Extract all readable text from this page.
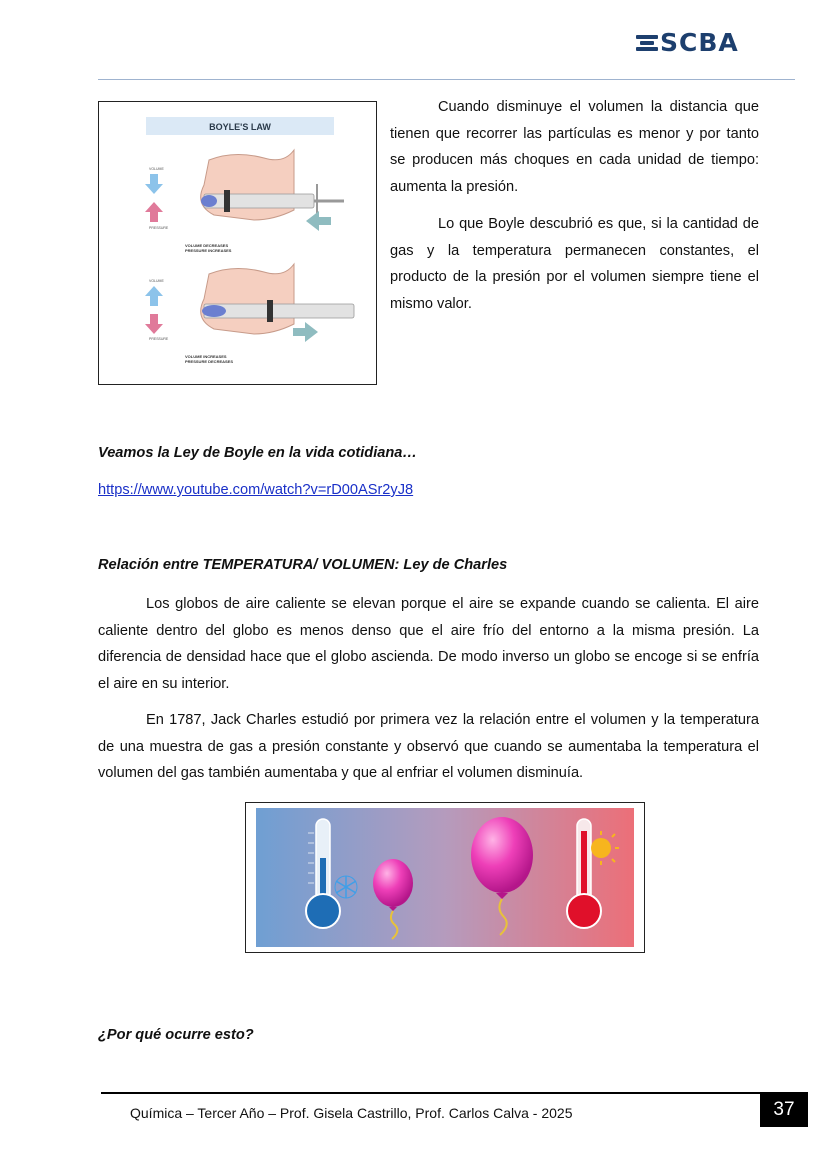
SCBA
BOYLE'S LAW
VOLUME
PRESSURE
VOLUME DECREASES
PRESSURE INCREASES
VOLUME
PRESSURE
VOLUME INCREASES
PRESSURE DECREASES

Cuando disminuye el volumen la distancia que tienen que recorrer las partículas es menor y por tanto se producen más choques en cada unidad de tiempo: aumenta la presión.

Lo que Boyle descubrió es que, si la cantidad de gas y la temperatura permanecen constantes, el producto de la presión por el volumen siempre tiene el mismo valor.

Veamos la Ley de Boyle en la vida cotidiana…
https://www.youtube.com/watch?v=rD00ASr2yJ8
Relación entre TEMPERATURA/ VOLUMEN: Ley de Charles

Los globos de aire caliente se elevan porque el aire se expande cuando se calienta. El aire caliente dentro del globo es menos denso que el aire frío del entorno a la misma presión. La diferencia de densidad hace que el globo ascienda. De modo inverso un globo se encoge si se enfría el aire en su interior.

En 1787, Jack Charles estudió por primera vez la relación entre el volumen y la temperatura de una muestra de gas a presión constante y observó que cuando se aumentaba la temperatura el volumen del gas también aumentaba y que al enfriar el volumen disminuía.

¿Por qué ocurre esto?
Química – Tercer Año – Prof. Gisela Castrillo, Prof. Carlos Calva - 2025	37
